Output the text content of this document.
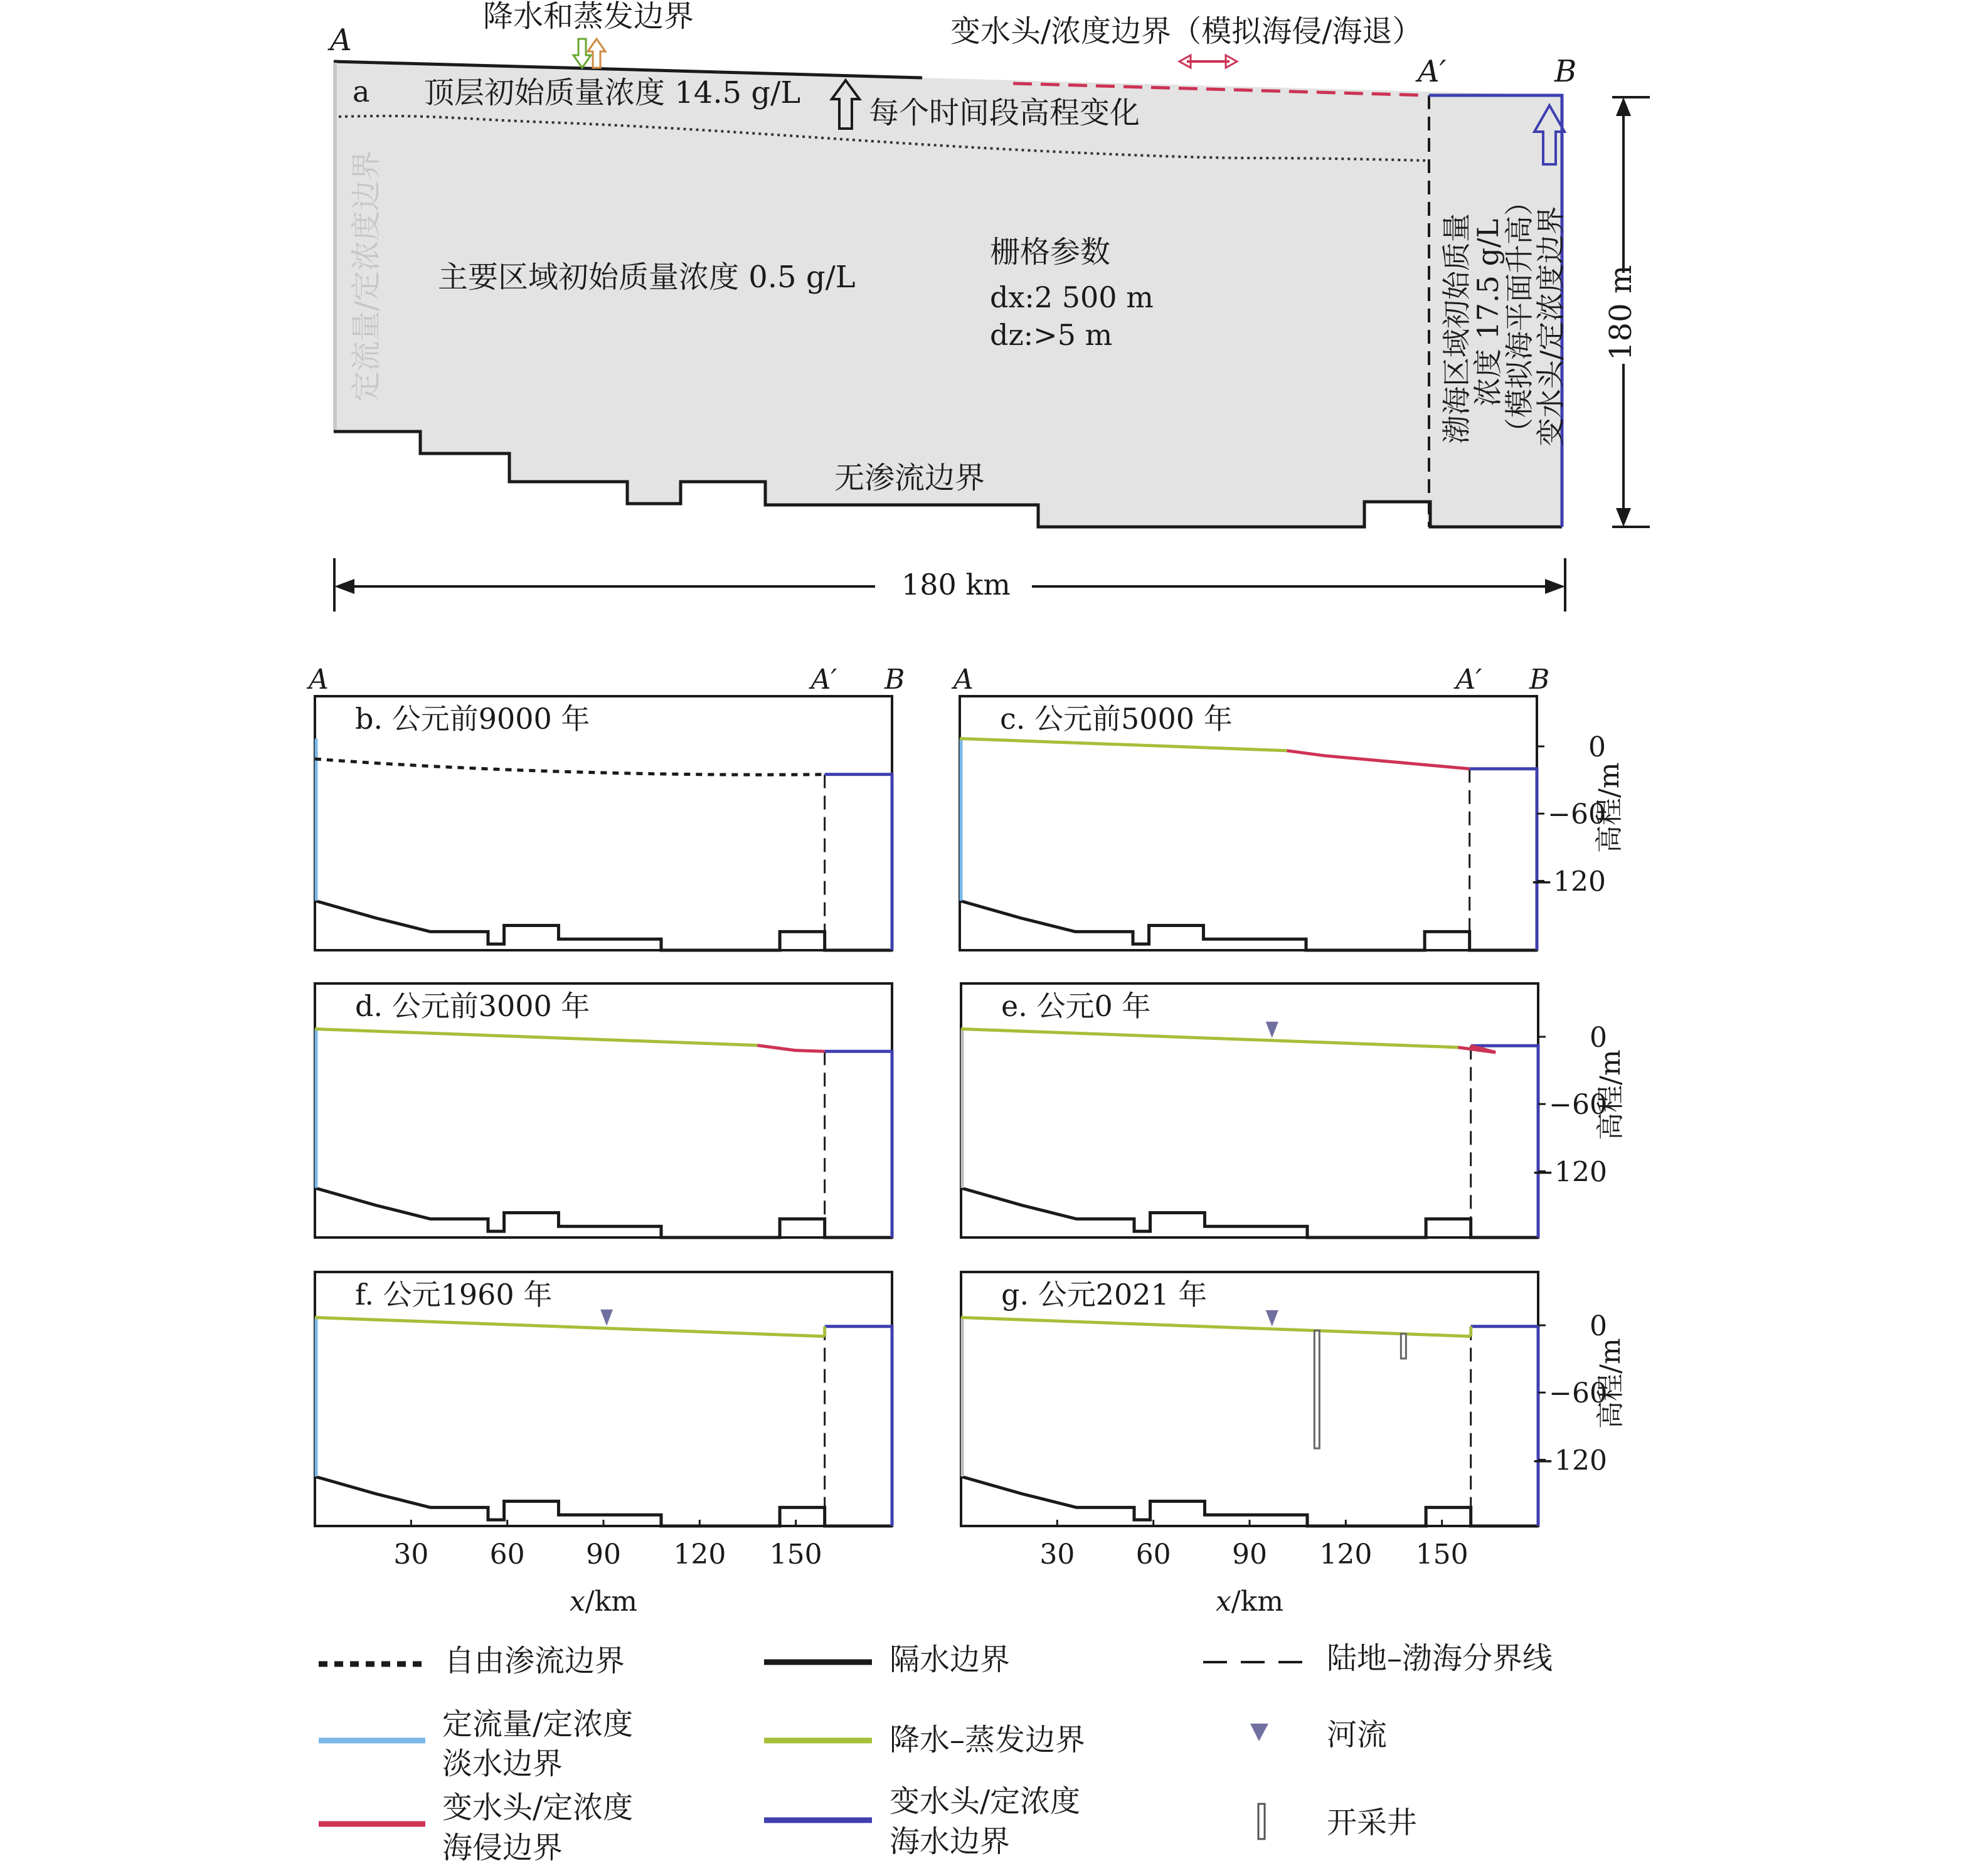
A
A′	B
降水和蒸发边界	变水头/浓度边界（模拟海侵/海退）
a 顶层初始质量浓度 14.5 g/L
每个时间段高程变化
定流量/定浓度边界 主要区域初始质量浓度 0.5 g/L
栅格参数
dx:2 500 m
dz:>5 m
无渗流边界
渤海区域初始质量
浓度 17.5 g/L
（模拟海平面升高）
变水头/定浓度边界 180 m
180 km
b. 公元前9000 年
A	A′ B
c. 公元前5000 年
A	A′ B
0
−60
−120
高程/m
d. 公元前3000 年	e. 公元0 年
0
−60
−120
高程/m
f. 公元1960 年
30 60 90 120 150
x/km
g. 公元2021 年
0
−60
−120
高程/m
30 60 90 120 150
x/km
自由渗流边界	隔水边界	陆地–渤海分界线
定流量/定浓度
淡水边界
降水–蒸发边界	河流
变水头/定浓度
海侵边界
变水头/定浓度
海水边界
开采井
